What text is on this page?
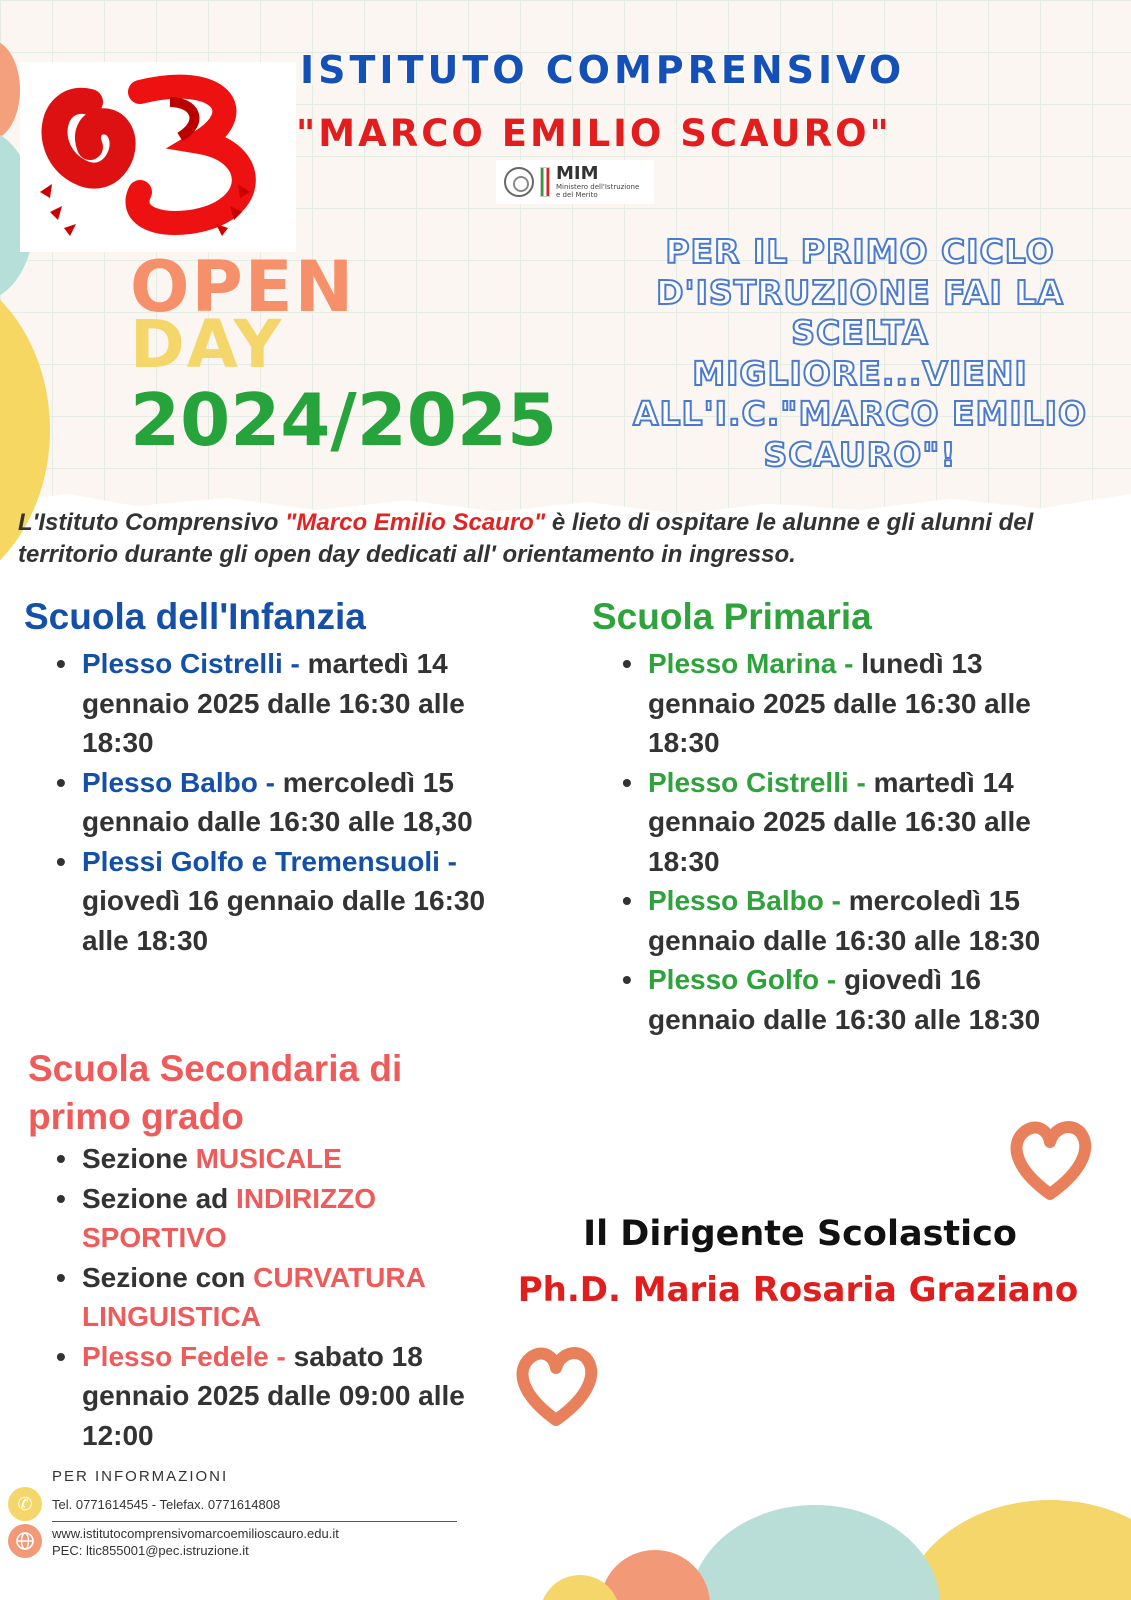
ISTITUTO COMPRENSIVO
"MARCO EMILIO SCAURO"
MIM
Ministero dell'Istruzione
e del Merito
OPEN
DAY
2024/2025
PER IL PRIMO CICLO D'ISTRUZIONE FAI LA SCELTA MIGLIORE...VIENI ALL'I.C."MARCO EMILIO SCAURO"!
L'Istituto Comprensivo "Marco Emilio Scauro" è lieto di ospitare le alunne e gli alunni del territorio durante gli open day dedicati all' orientamento in ingresso.
Scuola dell'Infanzia
• Plesso Cistrelli - martedì 14 gennaio 2025 dalle 16:30 alle 18:30
• Plesso Balbo - mercoledì 15 gennaio dalle 16:30 alle 18,30
• Plessi Golfo e Tremensuoli - giovedì 16 gennaio dalle 16:30 alle 18:30
Scuola Primaria
• Plesso Marina - lunedì 13 gennaio 2025 dalle 16:30 alle 18:30
• Plesso Cistrelli - martedì 14 gennaio 2025 dalle 16:30 alle 18:30
• Plesso Balbo - mercoledì 15 gennaio dalle 16:30 alle 18:30
• Plesso Golfo - giovedì 16 gennaio dalle 16:30 alle 18:30
Scuola Secondaria di primo grado
• Sezione MUSICALE
• Sezione ad INDIRIZZO SPORTIVO
• Sezione con CURVATURA LINGUISTICA
• Plesso Fedele - sabato 18 gennaio 2025 dalle 09:00 alle 12:00
Il Dirigente Scolastico
Ph.D. Maria Rosaria Graziano
PER INFORMAZIONI
✆	Tel. 0771614545 - Telefax. 0771614808
www.istitutocomprensivomarcoemilioscauro.edu.it
PEC: ltic855001@pec.istruzione.it
